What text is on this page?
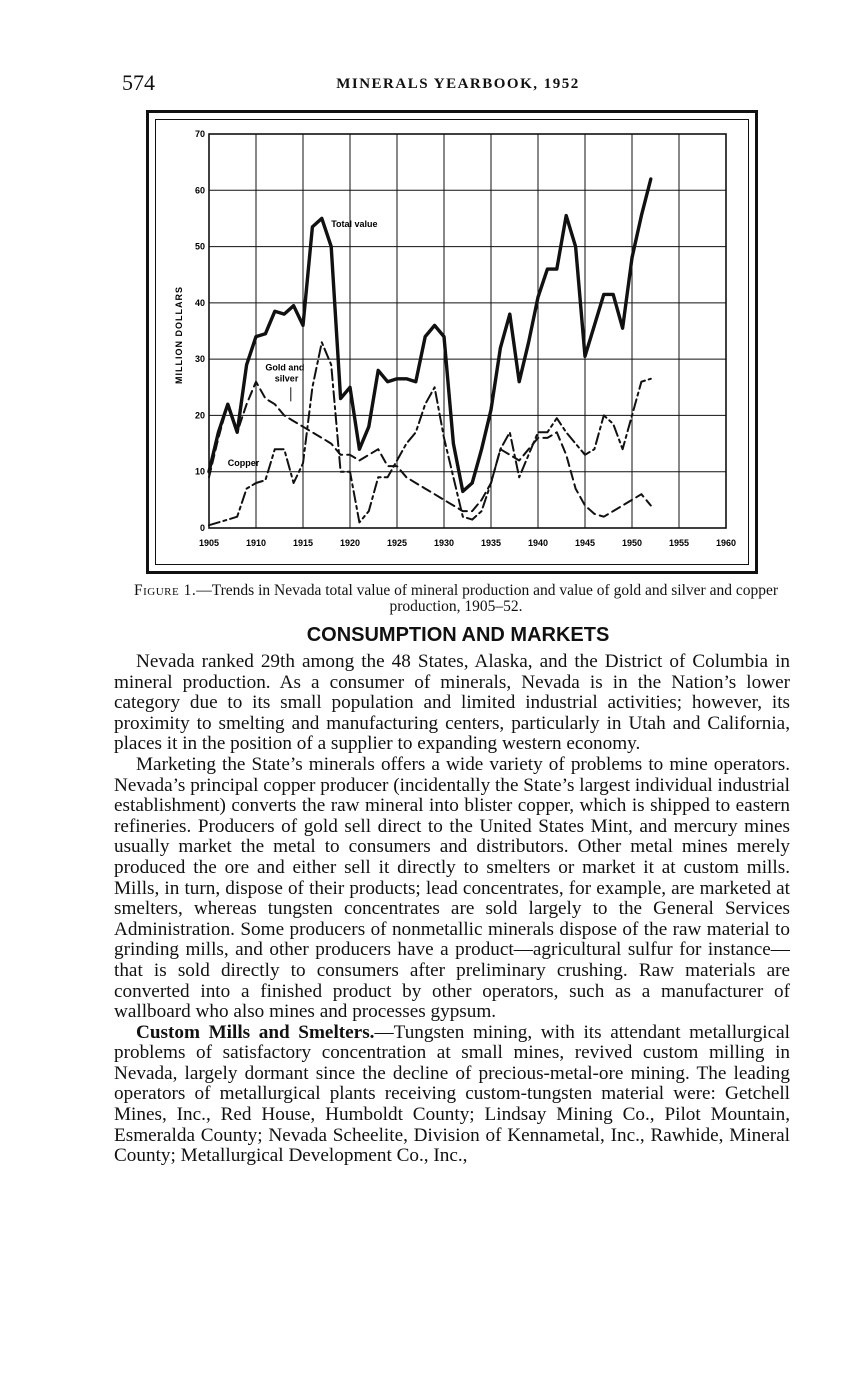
574	MINERALS YEARBOOK, 1952
1905	1910	1915	1920	1925	1930	1935	1940	1945	1950	1955	1960
0
10
20
30
40
50
60
70
Total value
Gold and
silver
Copper
MILLION DOLLARS
Figure 1.—Trends in Nevada total value of mineral production and value of gold and silver and copper production, 1905–52.
CONSUMPTION AND MARKETS

Nevada ranked 29th among the 48 States, Alaska, and the District of Columbia in mineral production. As a consumer of minerals, Nevada is in the Nation’s lower category due to its small population and limited industrial activities; however, its proximity to smelting and manufacturing centers, particularly in Utah and California, places it in the position of a supplier to expanding western economy.

Marketing the State’s minerals offers a wide variety of problems to mine operators. Nevada’s principal copper producer (incidentally the State’s largest individual industrial establishment) converts the raw mineral into blister copper, which is shipped to eastern refineries. Producers of gold sell direct to the United States Mint, and mercury mines usually market the metal to consumers and distributors. Other metal mines merely produced the ore and either sell it directly to smelters or market it at custom mills. Mills, in turn, dispose of their products; lead concentrates, for example, are marketed at smelters, whereas tungsten concentrates are sold largely to the General Services Administration. Some producers of nonmetallic minerals dispose of the raw material to grinding mills, and other producers have a product—agricultural sulfur for instance—that is sold directly to consumers after preliminary crushing. Raw materials are converted into a finished product by other operators, such as a manufacturer of wallboard who also mines and processes gypsum.

Custom Mills and Smelters.—Tungsten mining, with its attendant metallurgical problems of satisfactory concentration at small mines, revived custom milling in Nevada, largely dormant since the decline of precious-metal-ore mining. The leading operators of metallurgical plants receiving custom-tungsten material were: Getchell Mines, Inc., Red House, Humboldt County; Lindsay Mining Co., Pilot Mountain, Esmeralda County; Nevada Scheelite, Division of Kennametal, Inc., Rawhide, Mineral County; Metallurgical Development Co., Inc.,
